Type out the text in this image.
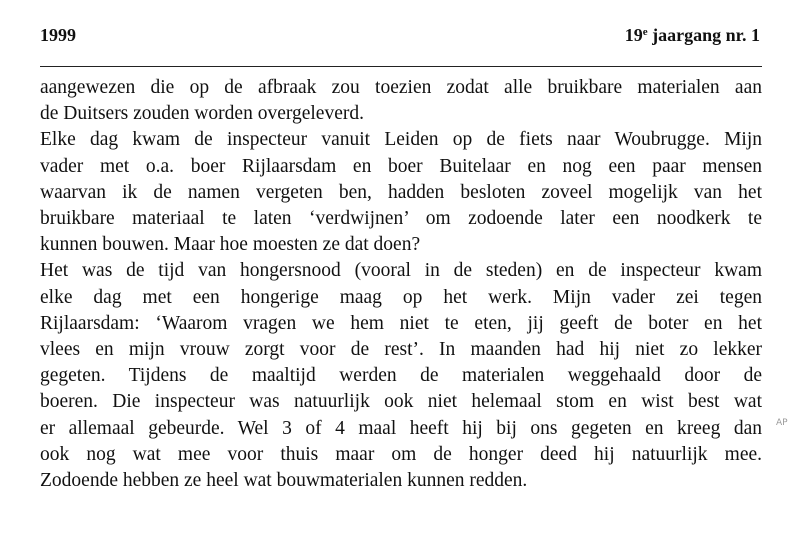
1999	19e jaargang nr. 1

aangewezen die op de afbraak zou toezien zodat alle bruikbare materialen aan
de Duitsers zouden worden overgeleverd.

Elke dag kwam de inspecteur vanuit Leiden op de fiets naar Woubrugge. Mijn
vader met o.a. boer Rijlaarsdam en boer Buitelaar en nog een paar mensen
waarvan ik de namen vergeten ben, hadden besloten zoveel mogelijk van het
bruikbare materiaal te laten ‘verdwijnen’ om zodoende later een noodkerk te
kunnen bouwen. Maar hoe moesten ze dat doen?

Het was de tijd van hongersnood (vooral in de steden) en de inspecteur kwam
elke dag met een hongerige maag op het werk. Mijn vader zei tegen
Rijlaarsdam: ‘Waarom vragen we hem niet te eten, jij geeft de boter en het
vlees en mijn vrouw zorgt voor de rest’. In maanden had hij niet zo lekker
gegeten. Tijdens de maaltijd werden de materialen weggehaald door de
boeren. Die inspecteur was natuurlijk ook niet helemaal stom en wist best wat
er allemaal gebeurde. Wel 3 of 4 maal heeft hij bij ons gegeten en kreeg dan
ook nog wat mee voor thuis maar om de honger deed hij natuurlijk mee.
Zodoende hebben ze heel wat bouwmaterialen kunnen redden.

AP
